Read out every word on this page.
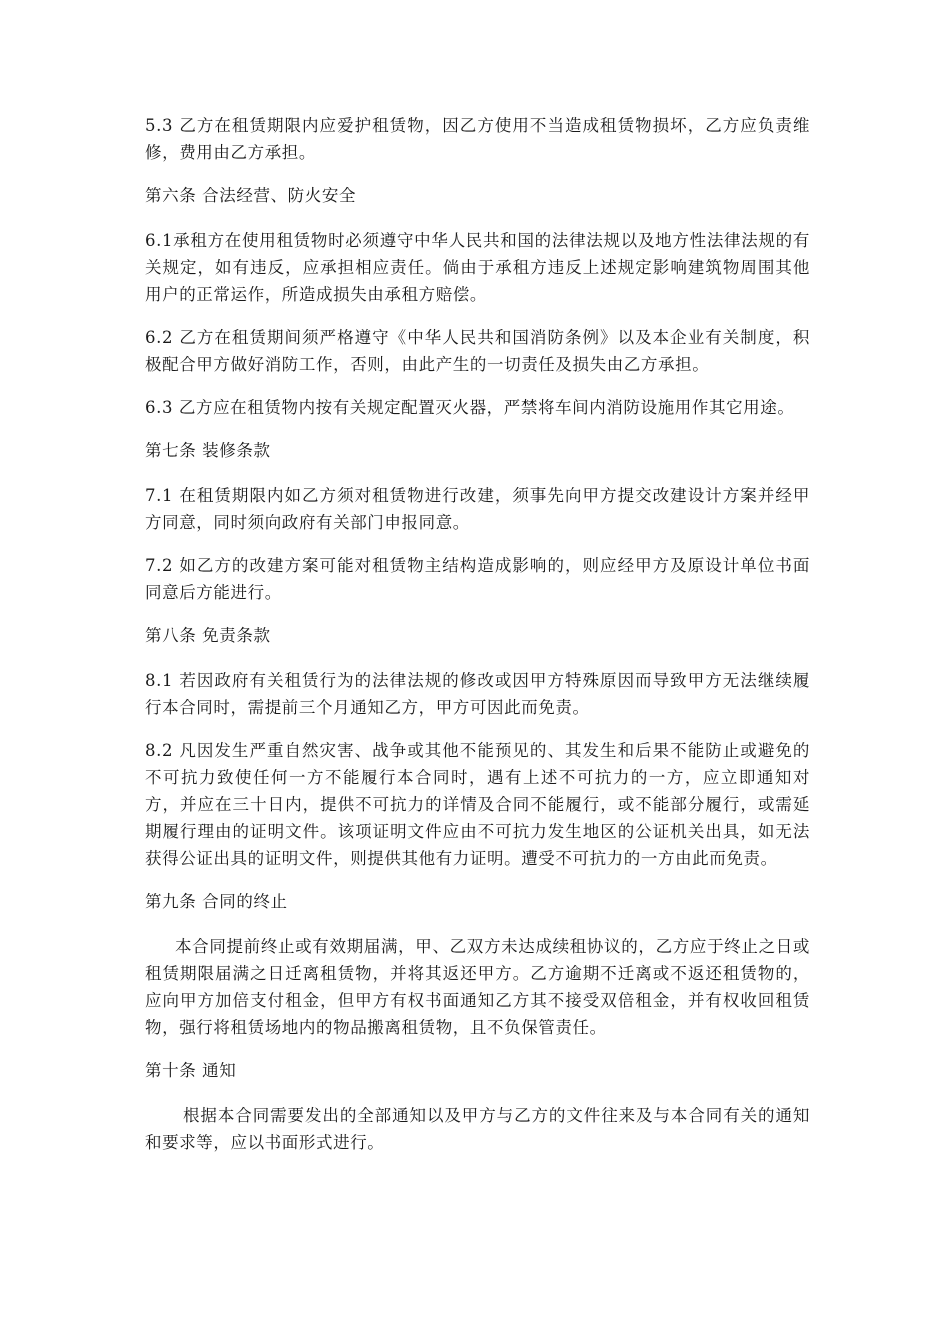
5.3 乙方在租赁期限内应爱护租赁物，因乙方使用不当造成租赁物损坏，乙方应负责维修，费用由乙方承担。

第六条 合法经营、防火安全

6.1承租方在使用租赁物时必须遵守中华人民共和国的法律法规以及地方性法律法规的有关规定，如有违反，应承担相应责任。倘由于承租方违反上述规定影响建筑物周围其他用户的正常运作，所造成损失由承租方赔偿。

6.2 乙方在租赁期间须严格遵守《中华人民共和国消防条例》以及本企业有关制度，积极配合甲方做好消防工作，否则，由此产生的一切责任及损失由乙方承担。

6.3 乙方应在租赁物内按有关规定配置灭火器，严禁将车间内消防设施用作其它用途。

第七条 装修条款

7.1 在租赁期限内如乙方须对租赁物进行改建，须事先向甲方提交改建设计方案并经甲方同意，同时须向政府有关部门申报同意。

7.2 如乙方的改建方案可能对租赁物主结构造成影响的，则应经甲方及原设计单位书面同意后方能进行。

第八条 免责条款

8.1 若因政府有关租赁行为的法律法规的修改或因甲方特殊原因而导致甲方无法继续履行本合同时，需提前三个月通知乙方，甲方可因此而免责。

8.2 凡因发生严重自然灾害、战争或其他不能预见的、其发生和后果不能防止或避免的不可抗力致使任何一方不能履行本合同时，遇有上述不可抗力的一方，应立即通知对方，并应在三十日内，提供不可抗力的详情及合同不能履行，或不能部分履行，或需延期履行理由的证明文件。该项证明文件应由不可抗力发生地区的公证机关出具，如无法获得公证出具的证明文件，则提供其他有力证明。遭受不可抗力的一方由此而免责。

第九条 合同的终止

本合同提前终止或有效期届满，甲、乙双方未达成续租协议的，乙方应于终止之日或租赁期限届满之日迁离租赁物，并将其返还甲方。乙方逾期不迁离或不返还租赁物的，应向甲方加倍支付租金，但甲方有权书面通知乙方其不接受双倍租金，并有权收回租赁物，强行将租赁场地内的物品搬离租赁物，且不负保管责任。

第十条 通知

根据本合同需要发出的全部通知以及甲方与乙方的文件往来及与本合同有关的通知和要求等，应以书面形式进行。
